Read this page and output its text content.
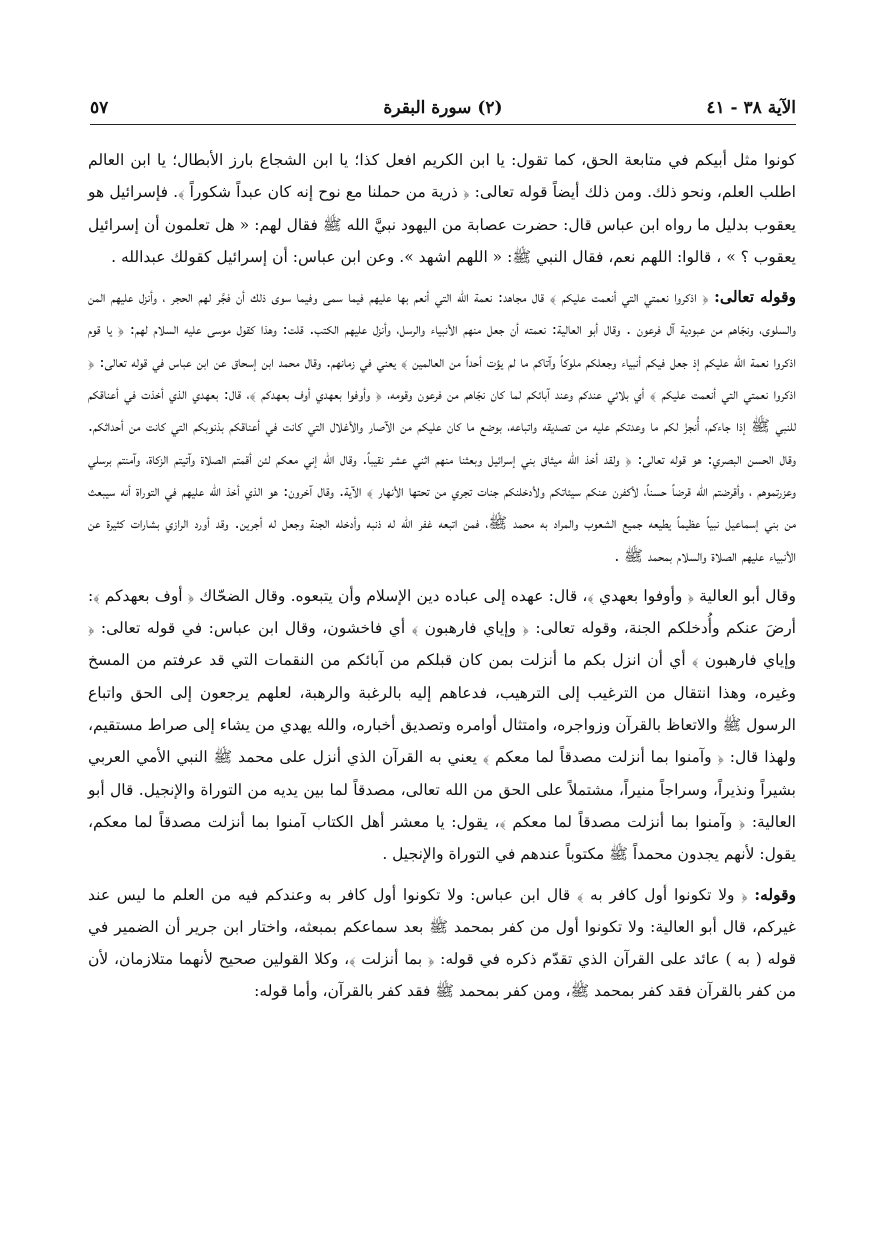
الآية ٣٨ - ٤١
(٢) سورة البقرة
٥٧

كونوا مثل أبيكم في متابعة الحق، كما تقول: يا ابن الكريم افعل كذا؛ يا ابن الشجاع بارز الأبطال؛ يا ابن العالم اطلب العلم، ونحو ذلك. ومن ذلك أيضاً قوله تعالى: ﴿ ذرية من حملنا مع نوح إنه كان عبداً شكوراً ﴾. فإسرائيل هو يعقوب بدليل ما رواه ابن عباس قال: حضرت عصابة من اليهود نبيَّ الله ﷺ فقال لهم: « هل تعلمون أن إسرائيل يعقوب ؟ » ، قالوا: اللهم نعم، فقال النبي ﷺ: « اللهم اشهد ». وعن ابن عباس: أن إسرائيل كقولك عبدالله .

وقوله تعالى: ﴿ اذكروا نعمتي التي أنعمت عليكم ﴾ قال مجاهد: نعمة الله التي أنعم بها عليهم فيما سمى وفيما سوى ذلك أن فجَّر لهم الحجر ، وأنزل عليهم المن والسلوى، ونجّاهم من عبودية آل فرعون . وقال أبو العالية: نعمته أن جعل منهم الأنبياء والرسل، وأنزل عليهم الكتب. قلت: وهذا كقول موسى عليه السلام لهم: ﴿ يا قوم اذكروا نعمة الله عليكم إذ جعل فيكم أنبياء وجعلكم ملوكاً وآتاكم ما لم يؤت أحداً من العالمين ﴾ يعني في زمانهم. وقال محمد ابن إسحاق عن ابن عباس في قوله تعالى: ﴿ اذكروا نعمتي التي أنعمت عليكم ﴾ أي بلائي عندكم وعند آبائكم لما كان نجّاهم من فرعون وقومه، ﴿ وأوفوا بعهدي أوف بعهدكم ﴾، قال: بعهدي الذي أخذت في أعناقكم للنبي ﷺ إذا جاءكم، أُنجزْ لكم ما وعدتكم عليه من تصديقه واتباعه، بوضع ما كان عليكم من الآصار والأغلال التي كانت في أعناقكم بذنوبكم التي كانت من أحداثكم. وقال الحسن البصري: هو قوله تعالى: ﴿ ولقد أخذ الله ميثاق بني إسرائيل وبعثنا منهم اثني عشر نقيباً. وقال الله إني معكم لئن أقمتم الصلاة وآتيتم الزكاة، وآمنتم برسلي وعزرتموهم ، وأقرضتم الله قرضاً حسناً، لأكفرن عنكم سيئاتكم ولأدخلنكم جنات تجري من تحتها الأنهار ﴾ الآية. وقال آخرون: هو الذي أخذ الله عليهم في التوراة أنه سيبعث من بني إسماعيل نبياً عظيماً يطيعه جميع الشعوب والمراد به محمد ﷺ، فمن اتبعه غفر الله له ذنبه وأدخله الجنة وجعل له أجرين. وقد أورد الرازي بشارات كثيرة عن الأنبياء عليهم الصلاة والسلام بمحمد ﷺ .

وقال أبو العالية ﴿ وأوفوا بعهدي ﴾، قال: عهده إلى عباده دين الإسلام وأن يتبعوه. وقال الضحّاك ﴿ أوف بعهدكم ﴾: أرضَ عنكم وأُدخلكم الجنة، وقوله تعالى: ﴿ وإياي فارهبون ﴾ أي فاخشون، وقال ابن عباس: في قوله تعالى: ﴿ وإياي فارهبون ﴾ أي أن انزل بكم ما أنزلت بمن كان قبلكم من آبائكم من النقمات التي قد عرفتم من المسخ وغيره، وهذا انتقال من الترغيب إلى الترهيب، فدعاهم إليه بالرغبة والرهبة، لعلهم يرجعون إلى الحق واتباع الرسول ﷺ والاتعاظ بالقرآن وزواجره، وامتثال أوامره وتصديق أخباره، والله يهدي من يشاء إلى صراط مستقيم، ولهذا قال: ﴿ وآمنوا بما أنزلت مصدقاً لما معكم ﴾ يعني به القرآن الذي أنزل على محمد ﷺ النبي الأمي العربي بشيراً ونذيراً، وسراجاً منيراً، مشتملاً على الحق من الله تعالى، مصدقاً لما بين يديه من التوراة والإنجيل. قال أبو العالية: ﴿ وآمنوا بما أنزلت مصدقاً لما معكم ﴾، يقول: يا معشر أهل الكتاب آمنوا بما أنزلت مصدقاً لما معكم، يقول: لأنهم يجدون محمداً ﷺ مكتوباً عندهم في التوراة والإنجيل .

وقوله: ﴿ ولا تكونوا أول كافر به ﴾ قال ابن عباس: ولا تكونوا أول كافر به وعندكم فيه من العلم ما ليس عند غيركم، قال أبو العالية: ولا تكونوا أول من كفر بمحمد ﷺ بعد سماعكم بمبعثه، واختار ابن جرير أن الضمير في قوله ( به ) عائد على القرآن الذي تقدّم ذكره في قوله: ﴿ بما أنزلت ﴾، وكلا القولين صحيح لأنهما متلازمان، لأن من كفر بالقرآن فقد كفر بمحمد ﷺ، ومن كفر بمحمد ﷺ فقد كفر بالقرآن، وأما قوله:
